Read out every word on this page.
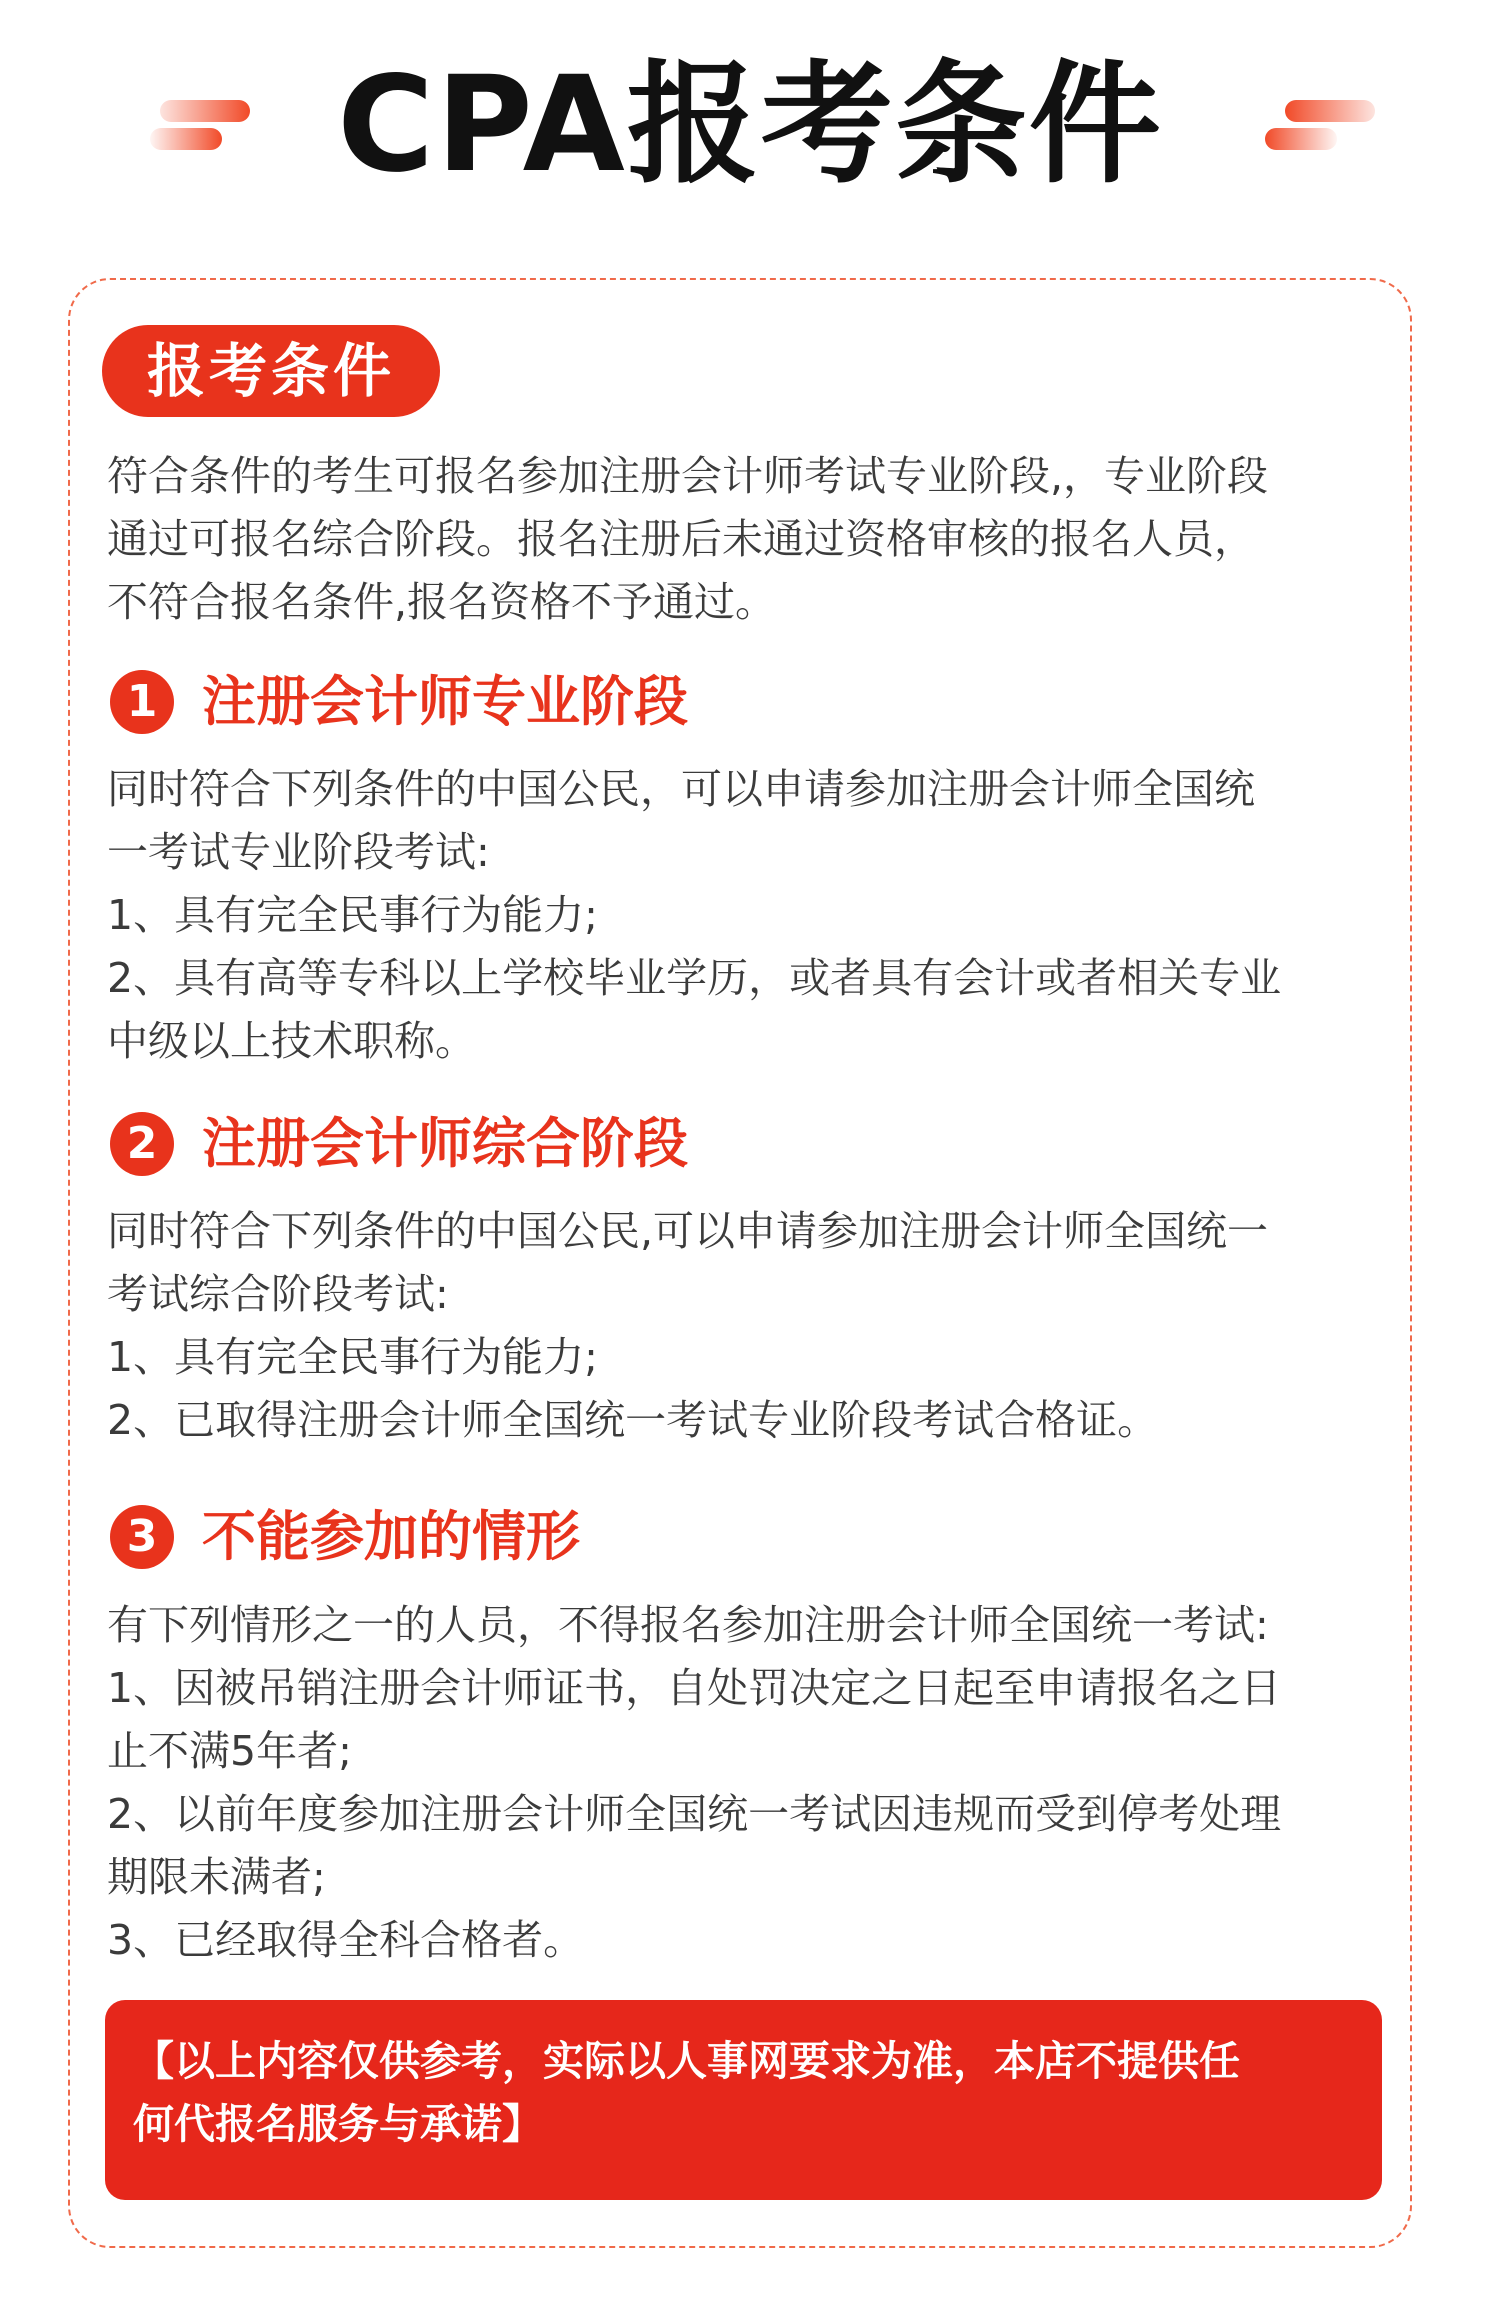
CPA报考条件
报考条件

符合条件的考生可报名参加注册会计师考试专业阶段,，专业阶段
通过可报名综合阶段。报名注册后未通过资格审核的报名人员，
不符合报名条件,报名资格不予通过。

1 注册会计师专业阶段

同时符合下列条件的中国公民，可以申请参加注册会计师全国统
一考试专业阶段考试:
1、具有完全民事行为能力;
2、具有高等专科以上学校毕业学历，或者具有会计或者相关专业
中级以上技术职称。

2 注册会计师综合阶段

同时符合下列条件的中国公民,可以申请参加注册会计师全国统一
考试综合阶段考试:
1、具有完全民事行为能力;
2、已取得注册会计师全国统一考试专业阶段考试合格证。

3 不能参加的情形

有下列情形之一的人员，不得报名参加注册会计师全国统一考试:
1、因被吊销注册会计师证书，自处罚决定之日起至申请报名之日
止不满5年者;
2、以前年度参加注册会计师全国统一考试因违规而受到停考处理
期限未满者;
3、已经取得全科合格者。

【以上内容仅供参考，实际以人事网要求为准，本店不提供任
何代报名服务与承诺】
